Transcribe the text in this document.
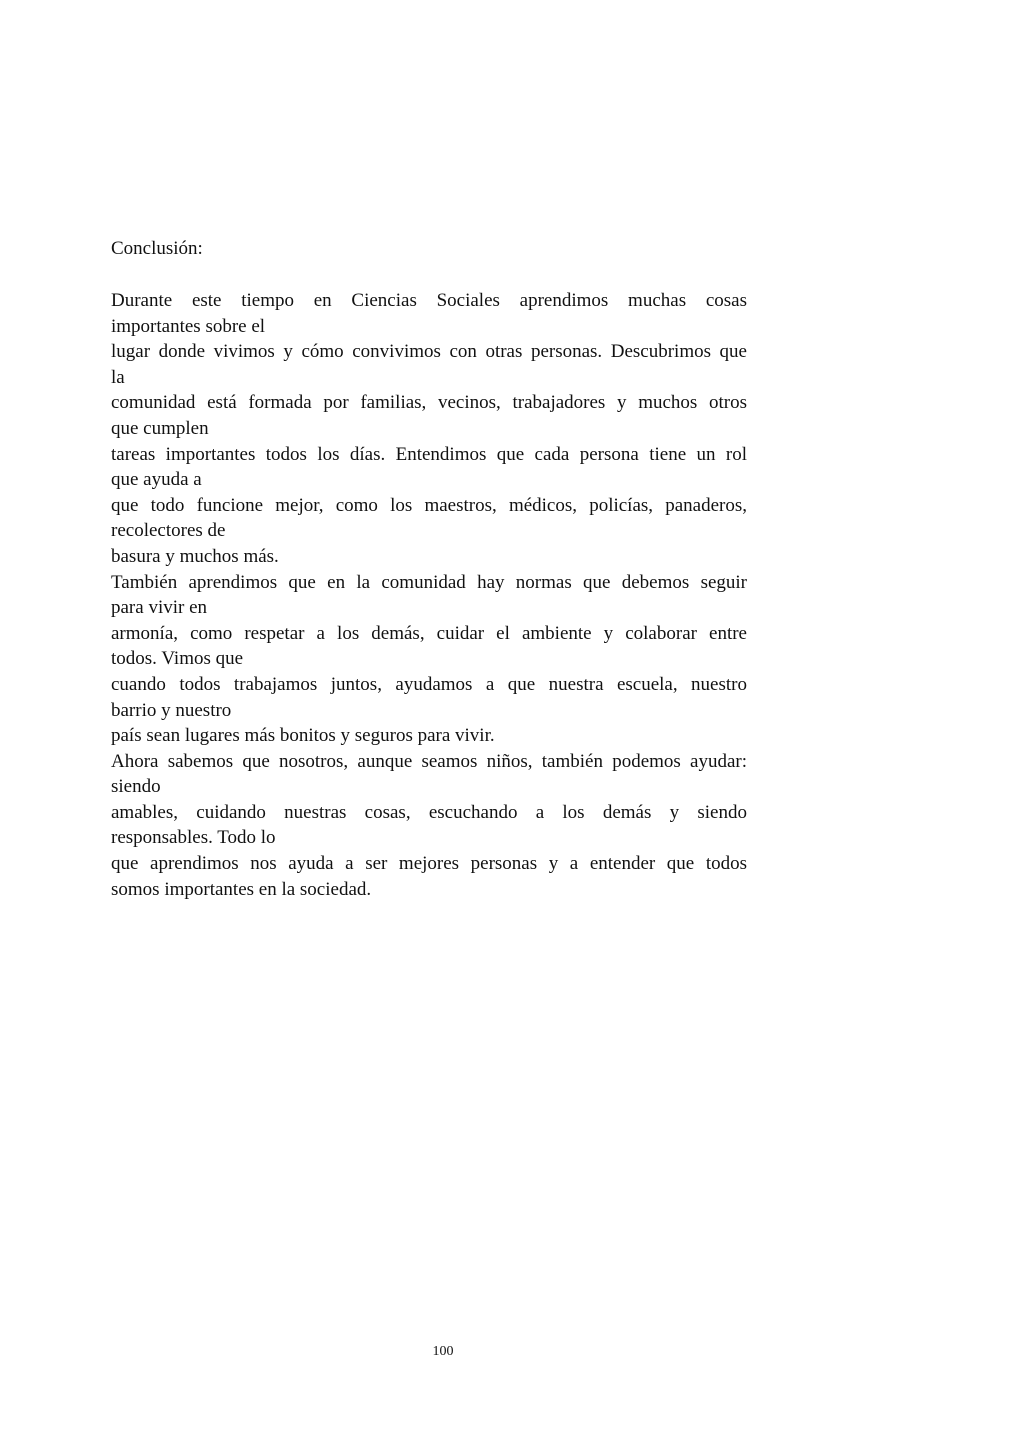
Conclusión:
Durante este tiempo en Ciencias Sociales aprendimos muchas cosas
importantes sobre el
lugar donde vivimos y cómo convivimos con otras personas. Descubrimos que
la
comunidad está formada por familias, vecinos, trabajadores y muchos otros
que cumplen
tareas importantes todos los días. Entendimos que cada persona tiene un rol
que ayuda a
que todo funcione mejor, como los maestros, médicos, policías, panaderos,
recolectores de
basura y muchos más.
También aprendimos que en la comunidad hay normas que debemos seguir
para vivir en
armonía, como respetar a los demás, cuidar el ambiente y colaborar entre
todos. Vimos que
cuando todos trabajamos juntos, ayudamos a que nuestra escuela, nuestro
barrio y nuestro
país sean lugares más bonitos y seguros para vivir.
Ahora sabemos que nosotros, aunque seamos niños, también podemos ayudar:
siendo
amables, cuidando nuestras cosas, escuchando a los demás y siendo
responsables. Todo lo
que aprendimos nos ayuda a ser mejores personas y a entender que todos
somos importantes en la sociedad.
100
